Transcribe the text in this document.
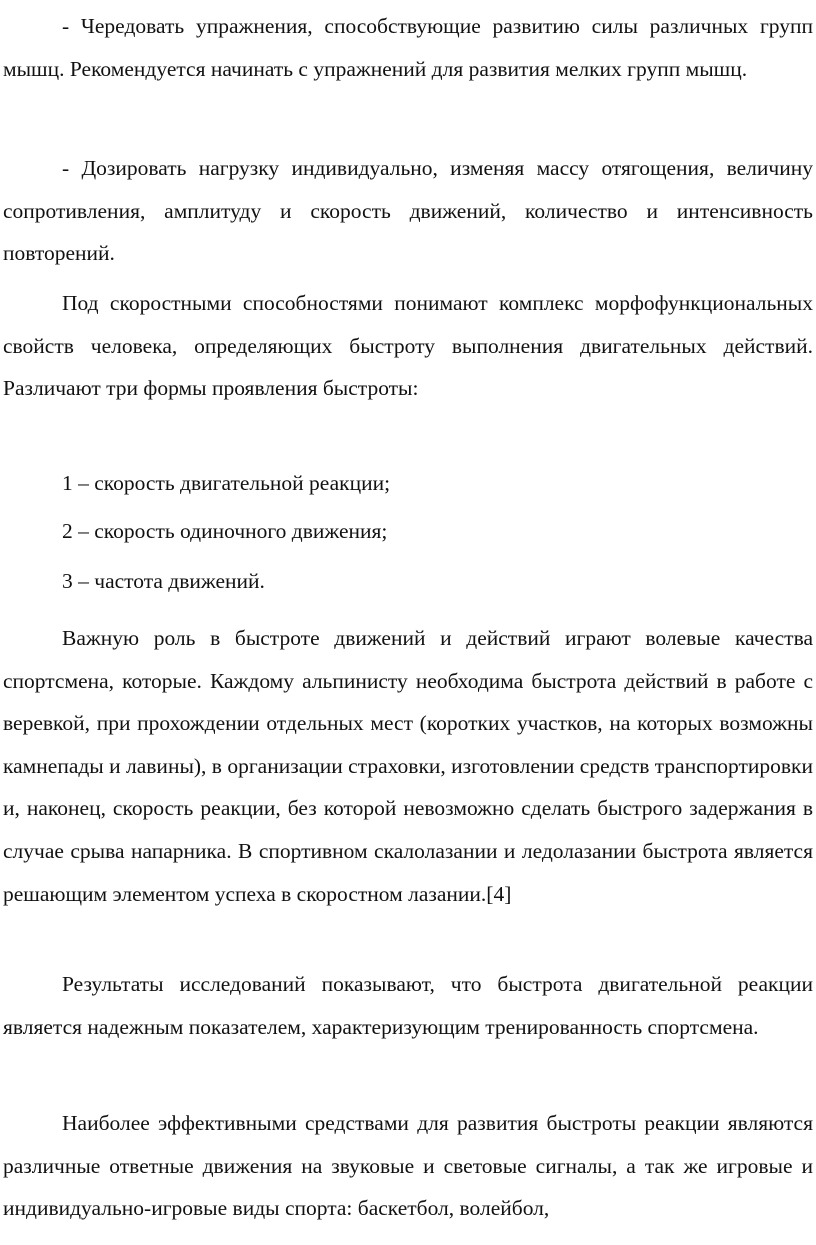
- Чередовать упражнения, способствующие развитию силы различных групп мышц. Рекомендуется начинать с упражнений для развития мелких групп мышц.

- Дозировать нагрузку индивидуально, изменяя массу отягощения, величину сопротивления, амплитуду и скорость движений, количество и интенсивность повторений.

Под скоростными способностями понимают комплекс морфофункциональных свойств человека, определяющих быстроту выполнения двигательных действий. Различают три формы проявления быстроты:

1 – скорость двигательной реакции;

2 – скорость одиночного движения;

3 – частота движений.

Важную роль в быстроте движений и действий играют волевые качества спортсмена, которые. Каждому альпинисту необходима быстрота действий в работе с веревкой, при прохождении отдельных мест (коротких участков, на которых возможны камнепады и лавины), в организации страховки, изготовлении средств транспортировки и, наконец, скорость реакции, без которой невозможно сделать быстрого задержания в случае срыва напарника. В спортивном скалолазании и ледолазании быстрота является решающим элементом успеха в скоростном лазании.[4]

Результаты исследований показывают, что быстрота двигательной реакции является надежным показателем, характеризующим тренированность спортсмена.

Наиболее эффективными средствами для развития быстроты реакции являются различные ответные движения на звуковые и световые сигналы, а так же игровые и индивидуально-игровые виды спорта: баскетбол, волейбол,
